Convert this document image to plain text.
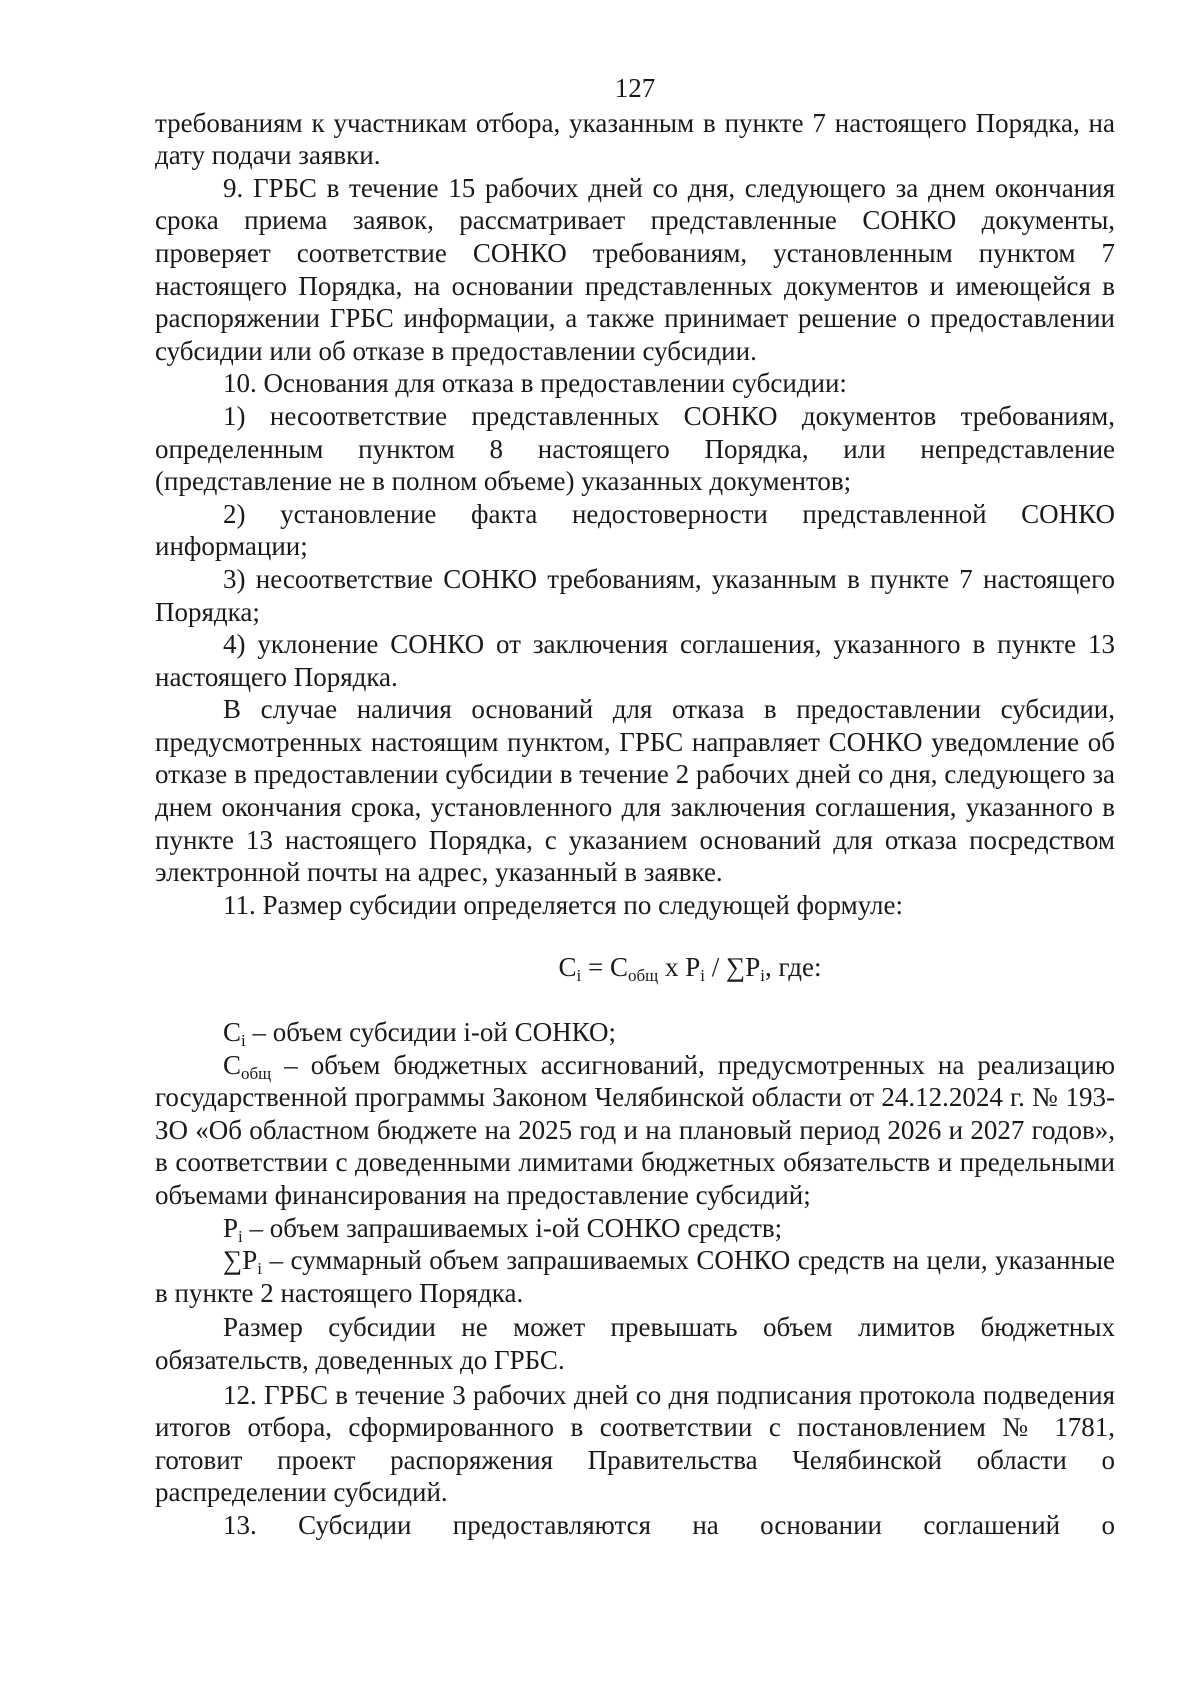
127

требованиям к участникам отбора, указанным в пункте 7 настоящего Порядка, на дату подачи заявки.

9. ГРБС в течение 15 рабочих дней со дня, следующего за днем окончания срока приема заявок, рассматривает представленные СОНКО документы, проверяет соответствие СОНКО требованиям, установленным пунктом 7 настоящего Порядка, на основании представленных документов и имеющейся в распоряжении ГРБС информации, а также принимает решение о предоставлении субсидии или об отказе в предоставлении субсидии.

10. Основания для отказа в предоставлении субсидии:

1) несоответствие представленных СОНКО документов требованиям, определенным пунктом 8 настоящего Порядка, или непредставление (представление не в полном объеме) указанных документов;

2) установление факта недостоверности представленной СОНКО информации;

3) несоответствие СОНКО требованиям, указанным в пункте 7 настоящего Порядка;

4) уклонение СОНКО от заключения соглашения, указанного в пункте 13 настоящего Порядка.

В случае наличия оснований для отказа в предоставлении субсидии, предусмотренных настоящим пунктом, ГРБС направляет СОНКО уведомление об отказе в предоставлении субсидии в течение 2 рабочих дней со дня, следующего за днем окончания срока, установленного для заключения соглашения, указанного в пункте 13 настоящего Порядка, с указанием оснований для отказа посредством электронной почты на адрес, указанный в заявке.

11. Размер субсидии определяется по следующей формуле:

$C_i = C_{общ}$ x $P_i / \sum P_i$, где:

$C_i$ – объем субсидии i-ой СОНКО;

$C_{общ}$ – объем бюджетных ассигнований, предусмотренных на реализацию государственной программы Законом Челябинской области от 24.12.2024 г. № 193-ЗО «Об областном бюджете на 2025 год и на плановый период 2026 и 2027 годов», в соответствии с доведенными лимитами бюджетных обязательств и предельными объемами финансирования на предоставление субсидий;

$P_i$ – объем запрашиваемых i-ой СОНКО средств;

$\sum P_i$ – суммарный объем запрашиваемых СОНКО средств на цели, указанные в пункте 2 настоящего Порядка.

Размер субсидии не может превышать объем лимитов бюджетных обязательств, доведенных до ГРБС.

12. ГРБС в течение 3 рабочих дней со дня подписания протокола подведения итогов отбора, сформированного в соответствии с постановлением № 1781, готовит проект распоряжения Правительства Челябинской области о распределении субсидий.

13. Субсидии предоставляются на основании соглашений о
